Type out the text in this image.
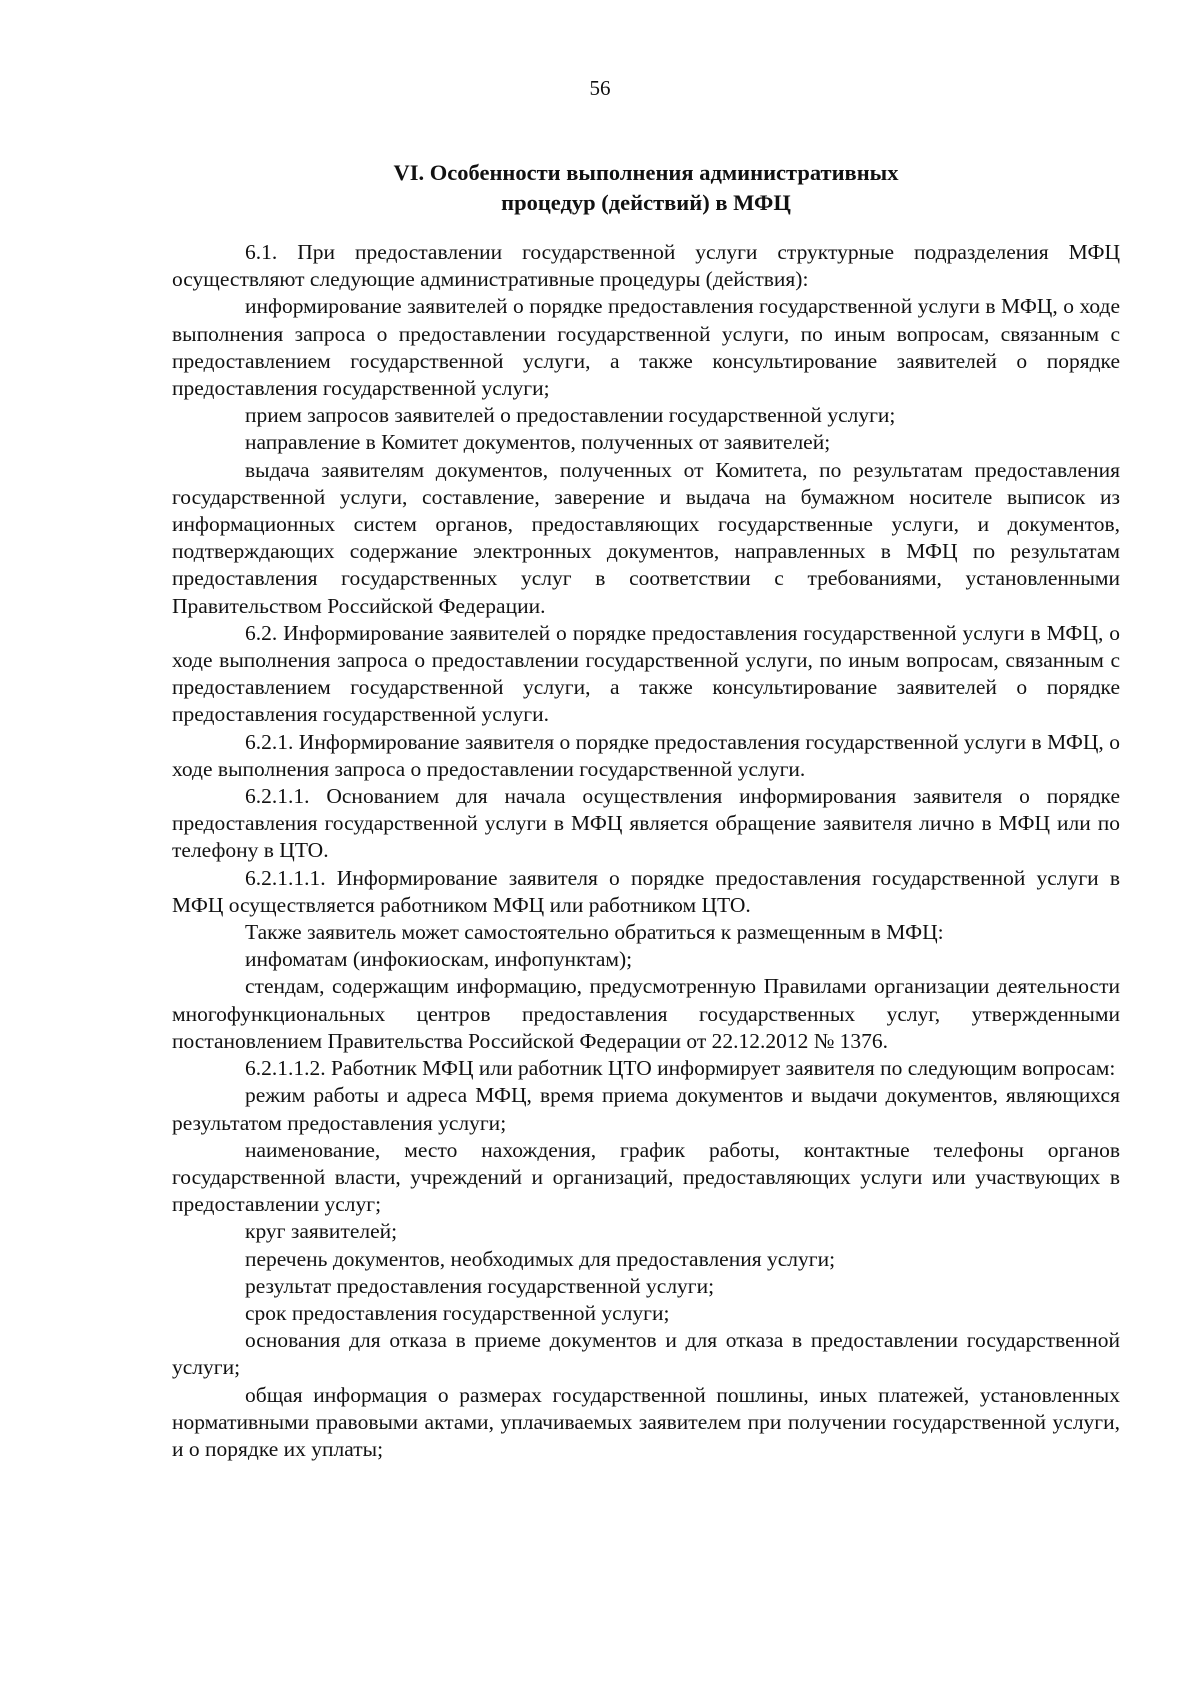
56
VI. Особенности выполнения административных
процедур (действий) в МФЦ

6.1. При предоставлении государственной услуги структурные подразделения МФЦ осуществляют следующие административные процедуры (действия):

информирование заявителей о порядке предоставления государственной услуги в МФЦ, о ходе выполнения запроса о предоставлении государственной услуги, по иным вопросам, связанным с предоставлением государственной услуги, а также консультирование заявителей о порядке предоставления государственной услуги;

прием запросов заявителей о предоставлении государственной услуги;

направление в Комитет документов, полученных от заявителей;

выдача заявителям документов, полученных от Комитета, по результатам предоставления государственной услуги, составление, заверение и выдача на бумажном носителе выписок из информационных систем органов, предоставляющих государственные услуги, и документов, подтверждающих содержание электронных документов, направленных в МФЦ по результатам предоставления государственных услуг в соответствии с требованиями, установленными Правительством Российской Федерации.

6.2. Информирование заявителей о порядке предоставления государственной услуги в МФЦ, о ходе выполнения запроса о предоставлении государственной услуги, по иным вопросам, связанным с предоставлением государственной услуги, а также консультирование заявителей о порядке предоставления государственной услуги.

6.2.1. Информирование заявителя о порядке предоставления государственной услуги в МФЦ, о ходе выполнения запроса о предоставлении государственной услуги.

6.2.1.1. Основанием для начала осуществления информирования заявителя о порядке предоставления государственной услуги в МФЦ является обращение заявителя лично в МФЦ или по телефону в ЦТО.

6.2.1.1.1. Информирование заявителя о порядке предоставления государственной услуги в МФЦ осуществляется работником МФЦ или работником ЦТО.

Также заявитель может самостоятельно обратиться к размещенным в МФЦ:

инфоматам (инфокиоскам, инфопунктам);

стендам, содержащим информацию, предусмотренную Правилами организации деятельности многофункциональных центров предоставления государственных услуг, утвержденными постановлением Правительства Российской Федерации от 22.12.2012 № 1376.

6.2.1.1.2. Работник МФЦ или работник ЦТО информирует заявителя по следующим вопросам:

режим работы и адреса МФЦ, время приема документов и выдачи документов, являющихся результатом предоставления услуги;

наименование, место нахождения, график работы, контактные телефоны органов государственной власти, учреждений и организаций, предоставляющих услуги или участвующих в предоставлении услуг;

круг заявителей;

перечень документов, необходимых для предоставления услуги;

результат предоставления государственной услуги;

срок предоставления государственной услуги;

основания для отказа в приеме документов и для отказа в предоставлении государственной услуги;

общая информация о размерах государственной пошлины, иных платежей, установленных нормативными правовыми актами, уплачиваемых заявителем при получении государственной услуги, и о порядке их уплаты;
